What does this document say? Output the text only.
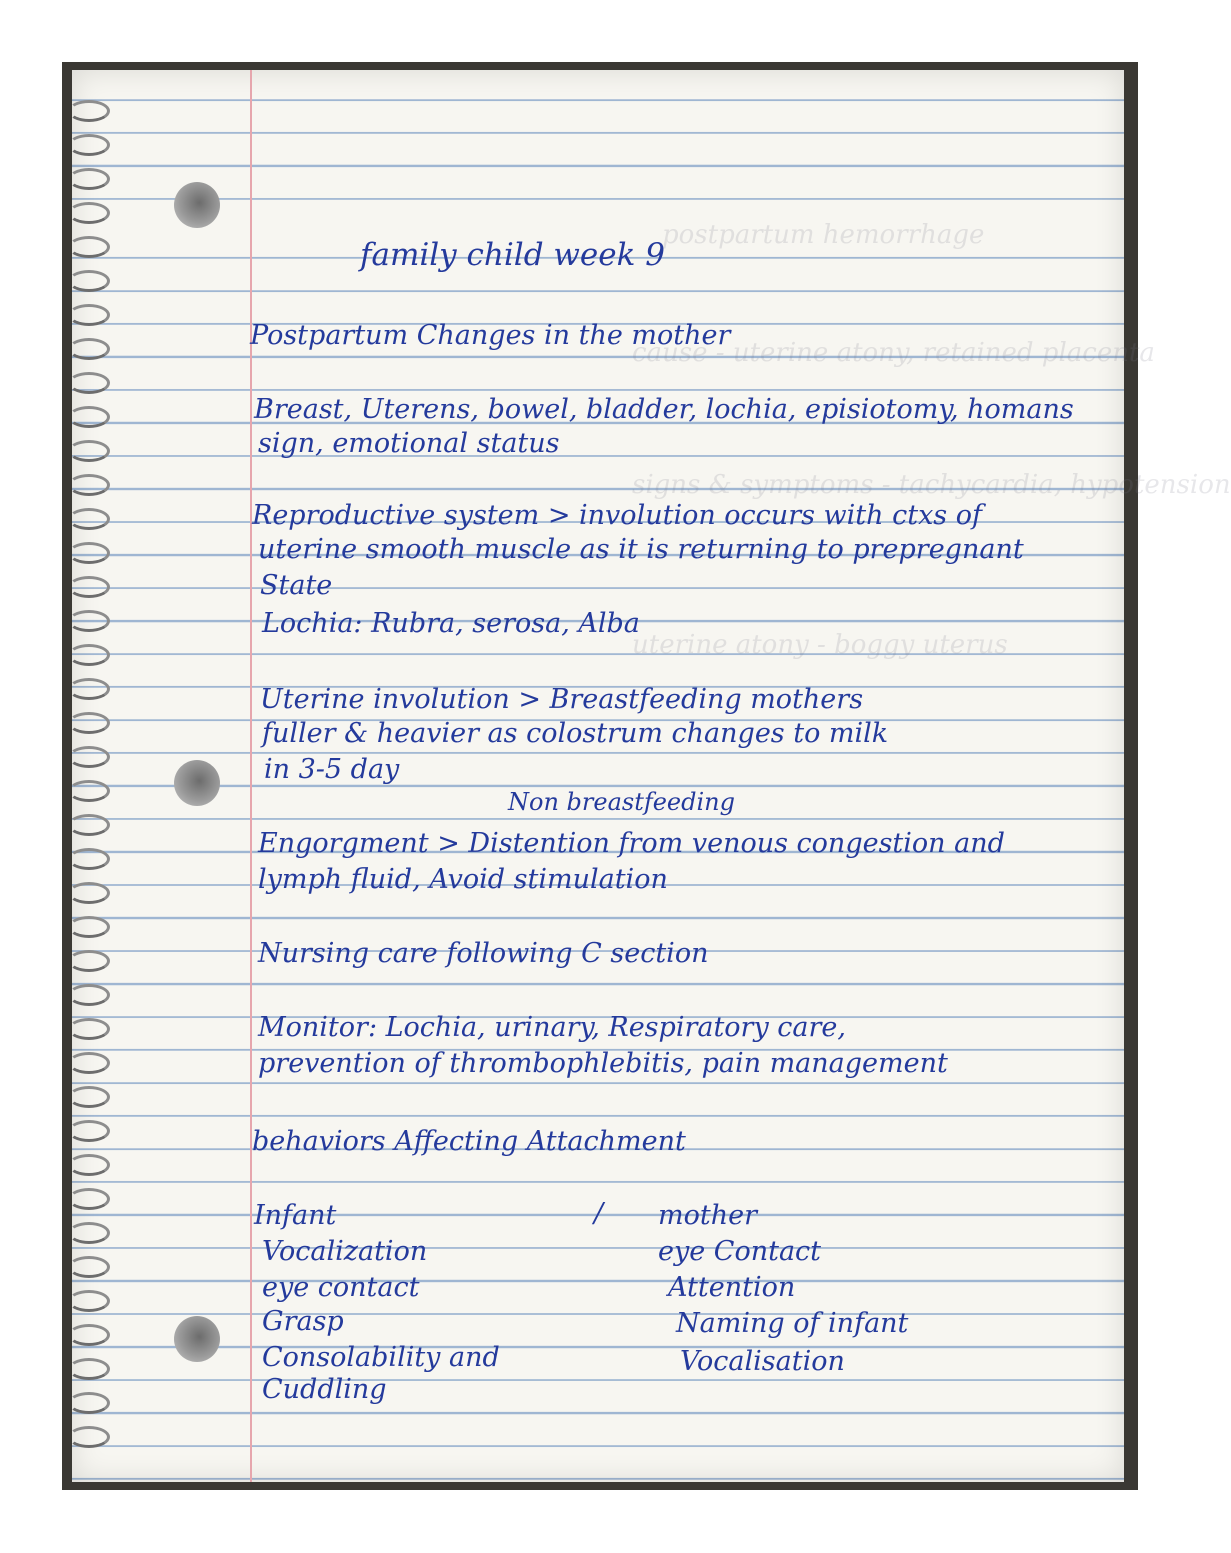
postpartum hemorrhage
cause - uterine atony, retained placenta
signs & symptoms - tachycardia, hypotension
uterine atony - boggy uterus
family child week 9
Postpartum Changes in the mother
Breast, Uterens, bowel, bladder, lochia, episiotomy, homans
sign, emotional status
Reproductive system > involution occurs with ctxs of
uterine smooth muscle as it is returning to prepregnant
State
Lochia: Rubra, serosa, Alba
Uterine involution > Breastfeeding mothers
fuller & heavier as colostrum changes to milk
in 3-5 day
Non breastfeeding
Engorgment > Distention from venous congestion and
lymph fluid, Avoid stimulation
Nursing care following C section
Monitor: Lochia, urinary, Respiratory care,
prevention of thrombophlebitis, pain management
behaviors Affecting Attachment
/
Infant
Vocalization
eye contact
Grasp
Consolability and
Cuddling
mother
eye Contact
Attention
Naming of infant
Vocalisation
